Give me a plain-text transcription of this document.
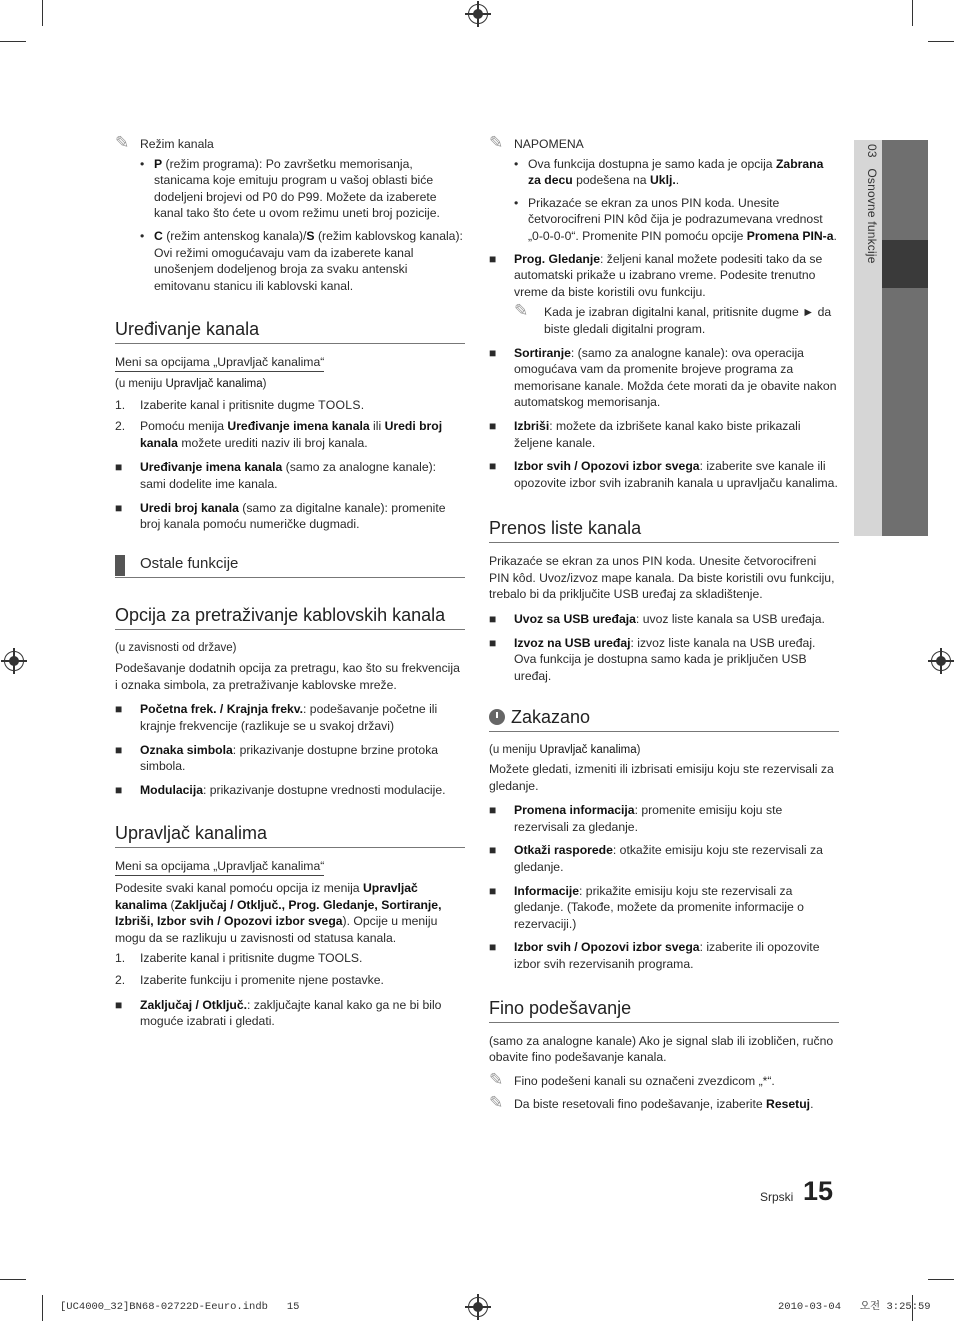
03   Osnovne funkcije
✎ Režim kanala
• P (režim programa): Po završetku memorisanja, stanicama koje emituju program u vašoj oblasti biće dodeljeni brojevi od P0 do P99. Možete da izaberete kanal tako što ćete u ovom režimu uneti broj pozicije.
• C (režim antenskog kanala)/S (režim kablovskog kanala): Ovi režimi omogućavaju vam da izaberete kanal unošenjem dodeljenog broja za svaku antenski emitovanu stanicu ili kablovski kanal.
Uređivanje kanala
Meni sa opcijama „Upravljač kanalima“
(u meniju Upravljač kanalima)
1. Izaberite kanal i pritisnite dugme TOOLS.
2. Pomoću menija Uređivanje imena kanala ili Uredi broj kanala možete urediti naziv ili broj kanala.
■ Uređivanje imena kanala (samo za analogne kanale): sami dodelite ime kanala.
■ Uredi broj kanala (samo za digitalne kanale): promenite broj kanala pomoću numeričke dugmadi.
Ostale funkcije
Opcija za pretraživanje kablovskih kanala
(u zavisnosti od države)
Podešavanje dodatnih opcija za pretragu, kao što su frekvencija i oznaka simbola, za pretraživanje kablovske mreže.
■ Početna frek. / Krajnja frekv.: podešavanje početne ili krajnje frekvencije (razlikuje se u svakoj državi)
■ Oznaka simbola: prikazivanje dostupne brzine protoka simbola.
■ Modulacija: prikazivanje dostupne vrednosti modulacije.
Upravljač kanalima
Meni sa opcijama „Upravljač kanalima“
Podesite svaki kanal pomoću opcija iz menija Upravljač kanalima (Zaključaj / Otključ., Prog. Gledanje, Sortiranje, Izbriši, Izbor svih / Opozovi izbor svega). Opcije u meniju mogu da se razlikuju u zavisnosti od statusa kanala.
1. Izaberite kanal i pritisnite dugme TOOLS.
2. Izaberite funkciju i promenite njene postavke.
■ Zaključaj / Otključ.: zaključajte kanal kako ga ne bi bilo moguće izabrati i gledati.
✎ NAPOMENA
• Ova funkcija dostupna je samo kada je opcija Zabrana za decu podešena na Uklj..
• Prikazaće se ekran za unos PIN koda. Unesite četvorocifreni PIN kôd čija je podrazumevana vrednost „0-0-0-0“. Promenite PIN pomoću opcije Promena PIN-a.
■ Prog. Gledanje: željeni kanal možete podesiti tako da se automatski prikaže u izabrano vreme. Podesite trenutno vreme da biste koristili ovu funkciju.
✎ Kada je izabran digitalni kanal, pritisnite dugme ► da biste gledali digitalni program.
■ Sortiranje: (samo za analogne kanale): ova operacija omogućava vam da promenite brojeve programa za memorisane kanale. Možda ćete morati da je obavite nakon automatskog memorisanja.
■ Izbriši: možete da izbrišete kanal kako biste prikazali željene kanale.
■ Izbor svih / Opozovi izbor svega: izaberite sve kanale ili opozovite izbor svih izabranih kanala u upravljaču kanalima.
Prenos liste kanala
Prikazaće se ekran za unos PIN koda. Unesite četvorocifreni PIN kôd. Uvoz/izvoz mape kanala. Da biste koristili ovu funkciju, trebalo bi da priključite USB uređaj za skladištenje.
■ Uvoz sa USB uređaja: uvoz liste kanala sa USB uređaja.
■ Izvoz na USB uređaj: izvoz liste kanala na USB uređaj. Ova funkcija je dostupna samo kada je priključen USB uređaj.
Zakazano
(u meniju Upravljač kanalima)
Možete gledati, izmeniti ili izbrisati emisiju koju ste rezervisali za gledanje.
■ Promena informacija: promenite emisiju koju ste rezervisali za gledanje.
■ Otkaži rasporede: otkažite emisiju koju ste rezervisali za gledanje.
■ Informacije: prikažite emisiju koju ste rezervisali za gledanje. (Takođe, možete da promenite informacije o rezervaciji.)
■ Izbor svih / Opozovi izbor svega: izaberite ili opozovite izbor svih rezervisanih programa.
Fino podešavanje
(samo za analogne kanale) Ako je signal slab ili izobličen, ručno obavite fino podešavanje kanala.
✎ Fino podešeni kanali su označeni zvezdicom „*“.
✎ Da biste resetovali fino podešavanje, izaberite Resetuj.
Srpski 15
[UC4000_32]BN68-02722D-Eeuro.indb   15	2010-03-04   오전 3:25:59
